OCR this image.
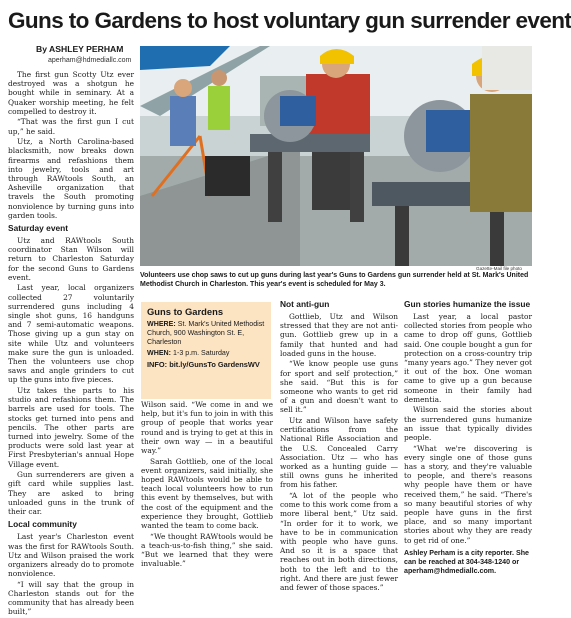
Guns to Gardens to host voluntary gun surrender event
By ASHLEY PERHAM
aperham@hdmediallc.com

The first gun Scotty Utz ever destroyed was a shotgun he bought while in seminary. At a Quaker worship meeting, he felt compelled to destroy it.

“That was the first gun I cut up,” he said.

Utz, a North Carolina-based blacksmith, now breaks down firearms and refashions them into jewelry, tools and art through RAWtools South, an Asheville organization that travels the South promoting nonviolence by turning guns into garden tools.

Saturday event

Utz and RAWtools South coordinator Stan Wilson will return to Charleston Saturday for the second Guns to Gardens event.

Last year, local organizers collected 27 voluntarily surrendered guns including 4 single shot guns, 16 handguns and 7 semi-automatic weapons. Those giving up a gun stay on site while Utz and volunteers make sure the gun is unloaded. Then the volunteers use chop saws and angle grinders to cut up the guns into five pieces.

Utz takes the parts to his studio and refashions them. The barrels are used for tools. The stocks get turned into pens and pencils. The other parts are turned into jewelry. Some of the products were sold last year at First Presbyterian's annual Hope Village event.

Gun surrenderers are given a gift card while supplies last. They are asked to bring unloaded guns in the trunk of their car.

Local community

Last year's Charleston event was the first for RAWtools South. Utz and Wilson praised the work organizers already do to promote nonviolence.

“I will say that the group in Charleston stands out for the community that has already been built,”

Gazette-Mail file photo
Volunteers use chop saws to cut up guns during last year's Guns to Gardens gun surrender held at St. Mark's United Methodist Church in Charleston. This year's event is scheduled for May 3.
Guns to Gardens
WHERE: St. Mark's United Methodist Church, 900 Washington St. E, Charleston
WHEN: 1-3 p.m. Saturday
INFO: bit.ly/GunsTo GardensWV

Wilson said. “We come in and we help, but it's fun to join in with this group of people that works year round and is trying to get at this in their own way — in a beautiful way.”

Sarah Gottlieb, one of the local event organizers, said initially, she hoped RAWtools would be able to teach local volunteers how to run this event by themselves, but with the cost of the equipment and the experience they brought, Gottlieb wanted the team to come back.

“We thought RAWtools would be a teach-us-to-fish thing,” she said. “But we learned that they were invaluable.”

Not anti-gun

Gottlieb, Utz and Wilson stressed that they are not anti-gun. Gottlieb grew up in a family that hunted and had loaded guns in the house.

“We know people use guns for sport and self protection,” she said. “But this is for someone who wants to get rid of a gun and doesn't want to sell it.”

Utz and Wilson have safety certifications from the National Rifle Association and the U.S. Concealed Carry Association. Utz — who has worked as a hunting guide — still owns guns he inherited from his father.

“A lot of the people who come to this work come from a more liberal bent,” Utz said. “In order for it to work, we have to be in communication with people who have guns. And so it is a space that reaches out in both directions, both to the left and to the right. And there are just fewer and fewer of those spaces.”

Gun stories humanize the issue

Last year, a local pastor collected stories from people who came to drop off guns, Gottlieb said. One couple bought a gun for protection on a cross-country trip “many years ago.” They never got it out of the box. One woman came to give up a gun because someone in their family had dementia.

Wilson said the stories about the surrendered guns humanize an issue that typically divides people.

“What we're discovering is every single one of those guns has a story, and they're valuable to people, and there's reasons why people have them or have received them,” he said. “There's so many beautiful stories of why people have guns in the first place, and so many important stories about why they are ready to get rid of one.”

Ashley Perham is a city reporter. She can be reached at 304-348-1240 or aperham@hdmediallc.com.
